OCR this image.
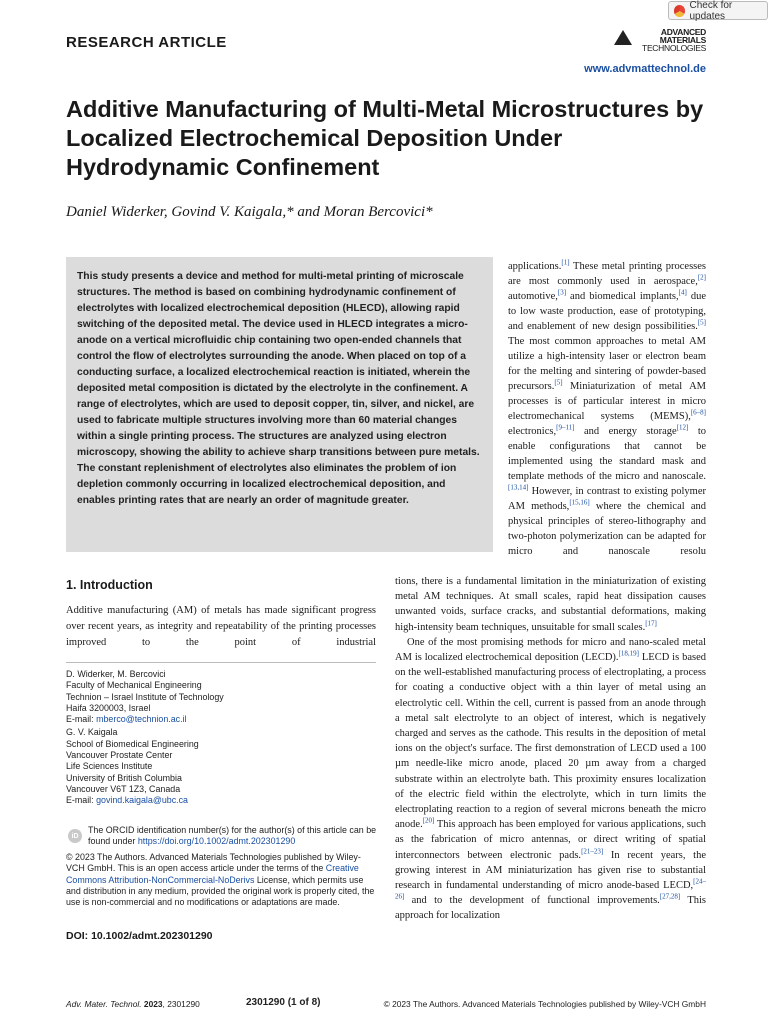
Check for updates
RESEARCH ARTICLE
ADVANCED
MATERIALS
TECHNOLOGIES
www.advmattechnol.de
Additive Manufacturing of Multi-Metal Microstructures by Localized Electrochemical Deposition Under Hydrodynamic Confinement
Daniel Widerker, Govind V. Kaigala,* and Moran Bercovici*

This study presents a device and method for multi-metal printing of microscale structures. The method is based on combining hydrodynamic confinement of electrolytes with localized electrochemical deposition (HLECD), allowing rapid switching of the deposited metal. The device used in HLECD integrates a micro-anode on a vertical microfluidic chip containing two open-ended channels that control the flow of electrolytes surrounding the anode. When placed on top of a conducting surface, a localized electrochemical reaction is initiated, wherein the deposited metal composition is dictated by the electrolyte in the confinement. A range of electrolytes, which are used to deposit copper, tin, silver, and nickel, are used to fabricate multiple structures involving more than 60 material changes within a single printing process. The structures are analyzed using electron microscopy, showing the ability to achieve sharp transitions between pure metals. The constant replenishment of electrolytes also eliminates the problem of ion depletion commonly occurring in localized electrochemical deposition, and enables printing rates that are nearly an order of magnitude greater.

1. Introduction

Additive manufacturing (AM) of metals has made significant progress over recent years, as integrity and repeatability of the printing processes improved to the point of industrial

D. Widerker, M. Bercovici
Faculty of Mechanical Engineering
Technion – Israel Institute of Technology
Haifa 3200003, Israel
E-mail: mberco@technion.ac.il
G. V. Kaigala
School of Biomedical Engineering
Vancouver Prostate Center
Life Sciences Institute
University of British Columbia
Vancouver V6T 1Z3, Canada
E-mail: govind.kaigala@ubc.ca
iD
The ORCID identification number(s) for the author(s) of this article can be found under https://doi.org/10.1002/admt.202301290
© 2023 The Authors. Advanced Materials Technologies published by Wiley-VCH GmbH. This is an open access article under the terms of the Creative Commons Attribution-NonCommercial-NoDerivs License, which permits use and distribution in any medium, provided the original work is properly cited, the use is non-commercial and no modifications or adaptations are made.
DOI: 10.1002/admt.202301290

applications.[1] These metal printing processes are most commonly used in aerospace,[2] automotive,[3] and biomedical implants,[4] due to low waste production, ease of prototyping, and enablement of new design possibilities.[5] The most common approaches to metal AM utilize a high-intensity laser or electron beam for the melting and sintering of powder-based precursors.[5] Miniaturization of metal AM processes is of particular interest in micro electromechanical systems (MEMS),[6–8] electronics,[9–11] and energy storage[12] to enable configurations that cannot be implemented using the standard mask and template methods of the micro and nanoscale.[13,14] However, in contrast to existing polymer AM methods,[15,16] where the chemical and physical principles of stereo-lithography and two-photon polymerization can be adapted for micro and nanoscale resolu

tions, there is a fundamental limitation in the miniaturization of existing metal AM techniques. At small scales, rapid heat dissipation causes unwanted voids, surface cracks, and substantial deformations, making high-intensity beam techniques, unsuitable for small scales.[17]

One of the most promising methods for micro and nano-scaled metal AM is localized electrochemical deposition (LECD).[18,19] LECD is based on the well-established manufacturing process of electroplating, a process for coating a conductive object with a thin layer of metal using an electrolytic cell. Within the cell, current is passed from an anode through a metal salt electrolyte to an object of interest, which is negatively charged and serves as the cathode. This results in the deposition of metal ions on the object's surface. The first demonstration of LECD used a 100 µm needle-like micro anode, placed 20 µm away from a charged substrate within an electrolyte bath. This proximity ensures localization of the electric field within the electrolyte, which in turn limits the electroplating reaction to a region of several microns beneath the micro anode.[20] This approach has been employed for various applications, such as the fabrication of micro antennas, or direct writing of spatial interconnectors between electronic pads.[21–23] In recent years, the growing interest in AM miniaturization has given rise to substantial research in fundamental understanding of micro anode-based LECD,[24–26] and to the development of functional improvements.[27,28] This approach for localization

Adv. Mater. Technol. 2023, 2301290	2301290 (1 of 8)	© 2023 The Authors. Advanced Materials Technologies published by Wiley-VCH GmbH
